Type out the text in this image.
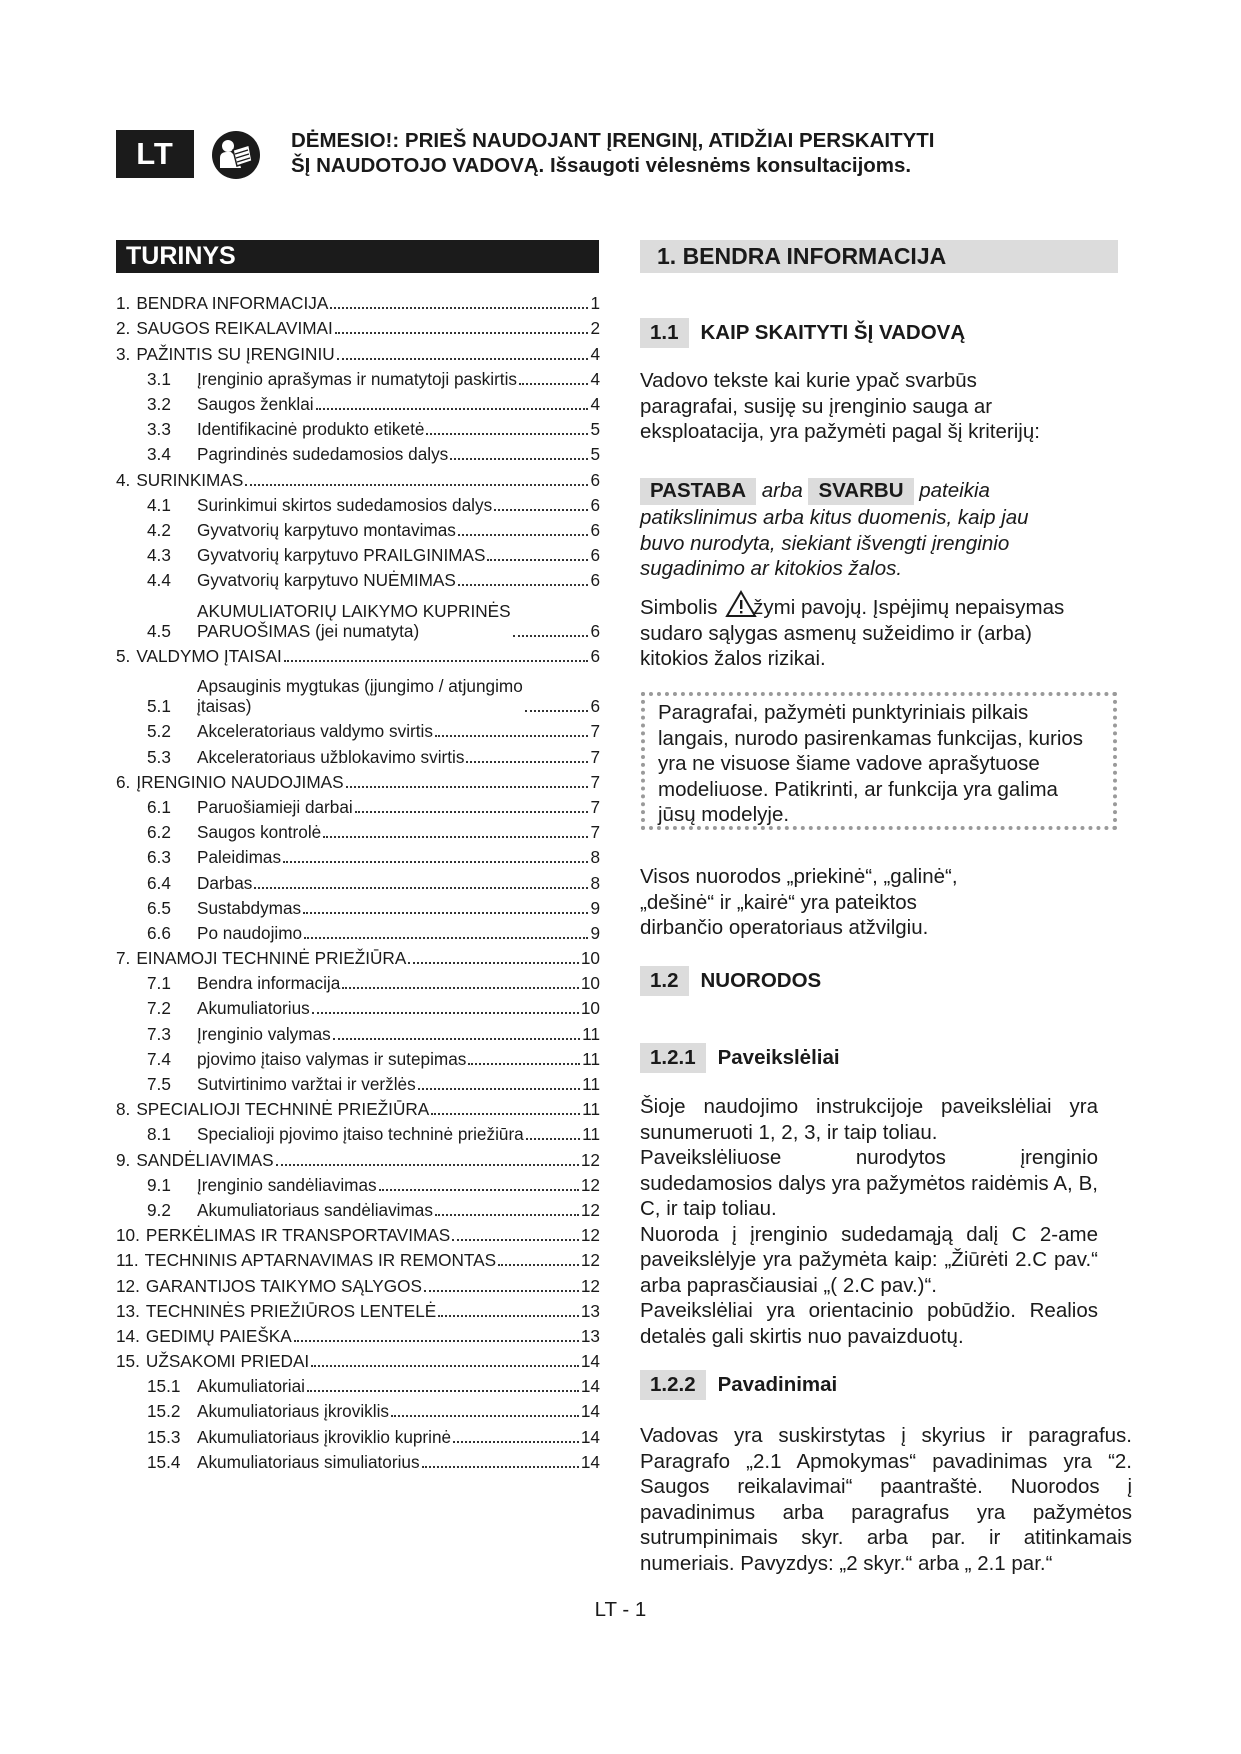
LT	DĖMESIO!: PRIEŠ NAUDOJANT ĮRENGINĮ, ATIDŽIAI PERSKAITYTI
ŠĮ NAUDOTOJO VADOVĄ. Išsaugoti vėlesnėms konsultacijoms.
TURINYS
1. BENDRA INFORMACIJA	1
2. SAUGOS REIKALAVIMAI	2
3. PAŽINTIS SU ĮRENGINIU	4
3.1	Įrenginio aprašymas ir numatytoji paskirtis	4
3.2	Saugos ženklai	4
3.3	Identifikacinė produkto etiketė	5
3.4	Pagrindinės sudedamosios dalys	5
4. SURINKIMAS	6
4.1	Surinkimui skirtos sudedamosios dalys	6
4.2	Gyvatvorių karpytuvo montavimas	6
4.3	Gyvatvorių karpytuvo PRAILGINIMAS	6
4.4	Gyvatvorių karpytuvo NUĖMIMAS	6
4.5
AKUMULIATORIŲ LAIKYMO KUPRINĖS
PARUOŠIMAS (jei numatyta)	6
5. VALDYMO ĮTAISAI	6
5.1
Apsauginis mygtukas (įjungimo / atjungimo
įtaisas)	6
5.2	Akceleratoriaus valdymo svirtis	7
5.3	Akceleratoriaus užblokavimo svirtis	7
6. ĮRENGINIO NAUDOJIMAS	7
6.1	Paruošiamieji darbai	7
6.2	Saugos kontrolė	7
6.3	Paleidimas	8
6.4	Darbas	8
6.5	Sustabdymas	9
6.6	Po naudojimo	9
7. EINAMOJI TECHNINĖ PRIEŽIŪRA	10
7.1	Bendra informacija	10
7.2	Akumuliatorius	10
7.3	Įrenginio valymas	11
7.4	pjovimo įtaiso valymas ir sutepimas	11
7.5	Sutvirtinimo varžtai ir veržlės	11
8. SPECIALIOJI TECHNINĖ PRIEŽIŪRA	11
8.1	Specialioji pjovimo įtaiso techninė priežiūra	11
9. SANDĖLIAVIMAS	12
9.1	Įrenginio sandėliavimas	12
9.2	Akumuliatoriaus sandėliavimas	12
10. PERKĖLIMAS IR TRANSPORTAVIMAS	12
11. TECHNINIS APTARNAVIMAS IR REMONTAS	12
12. GARANTIJOS TAIKYMO SĄLYGOS	12
13. TECHNINĖS PRIEŽIŪROS LENTELĖ	13
14. GEDIMŲ PAIEŠKA	13
15. UŽSAKOMI PRIEDAI	14
15.1 Akumuliatoriai	14
15.2 Akumuliatoriaus įkroviklis	14
15.3 Akumuliatoriaus įkroviklio kuprinė	14
15.4 Akumuliatoriaus simuliatorius	14
1. BENDRA INFORMACIJA
1.1	KAIP SKAITYTI ŠĮ VADOVĄ
Vadovo tekste kai kurie ypač svarbūs paragrafai, susiję su įrenginio sauga ar eksploatacija, yra pažymėti pagal šį kriterijų:
PASTABA arba SVARBU pateikia patikslinimus arba kitus duomenis, kaip jau buvo nurodyta, siekiant išvengti įrenginio sugadinimo ar kitokios žalos.
Simbolis žymi pavojų. Įspėjimų nepaisymas sudaro sąlygas asmenų sužeidimo ir (arba) kitokios žalos rizikai.
Paragrafai, pažymėti punktyriniais pilkais langais, nurodo pasirenkamas funkcijas, kurios yra ne visuose šiame vadove aprašytuose modeliuose. Patikrinti, ar funkcija yra galima jūsų modelyje.
Visos nuorodos „priekinė“, „galinė“, „dešinė“ ir „kairė“ yra pateiktos dirbančio operatoriaus atžvilgiu.
1.2	NUORODOS
1.2.1	Paveikslėliai
Šioje naudojimo instrukcijoje paveikslėliai yra sunumeruoti 1, 2, 3, ir taip toliau.
Paveikslėliuose nurodytos įrenginio sudedamosios dalys yra pažymėtos raidėmis A, B, C, ir taip toliau.
Nuoroda į įrenginio sudedamąją dalį C 2-ame paveikslėlyje yra pažymėta kaip: „Žiūrėti 2.C pav.“ arba paprasčiausiai „( 2.C pav.)“.
Paveikslėliai yra orientacinio pobūdžio. Realios detalės gali skirtis nuo pavaizduotų.
1.2.2	Pavadinimai
Vadovas yra suskirstytas į skyrius ir paragrafus. Paragrafo „2.1 Apmokymas“ pavadinimas yra “2. Saugos reikalavimai“ paantraštė. Nuorodos į pavadinimus arba paragrafus yra pažymėtos sutrumpinimais skyr. arba par. ir atitinkamais numeriais. Pavyzdys: „2 skyr.“ arba „ 2.1 par.“
LT - 1
